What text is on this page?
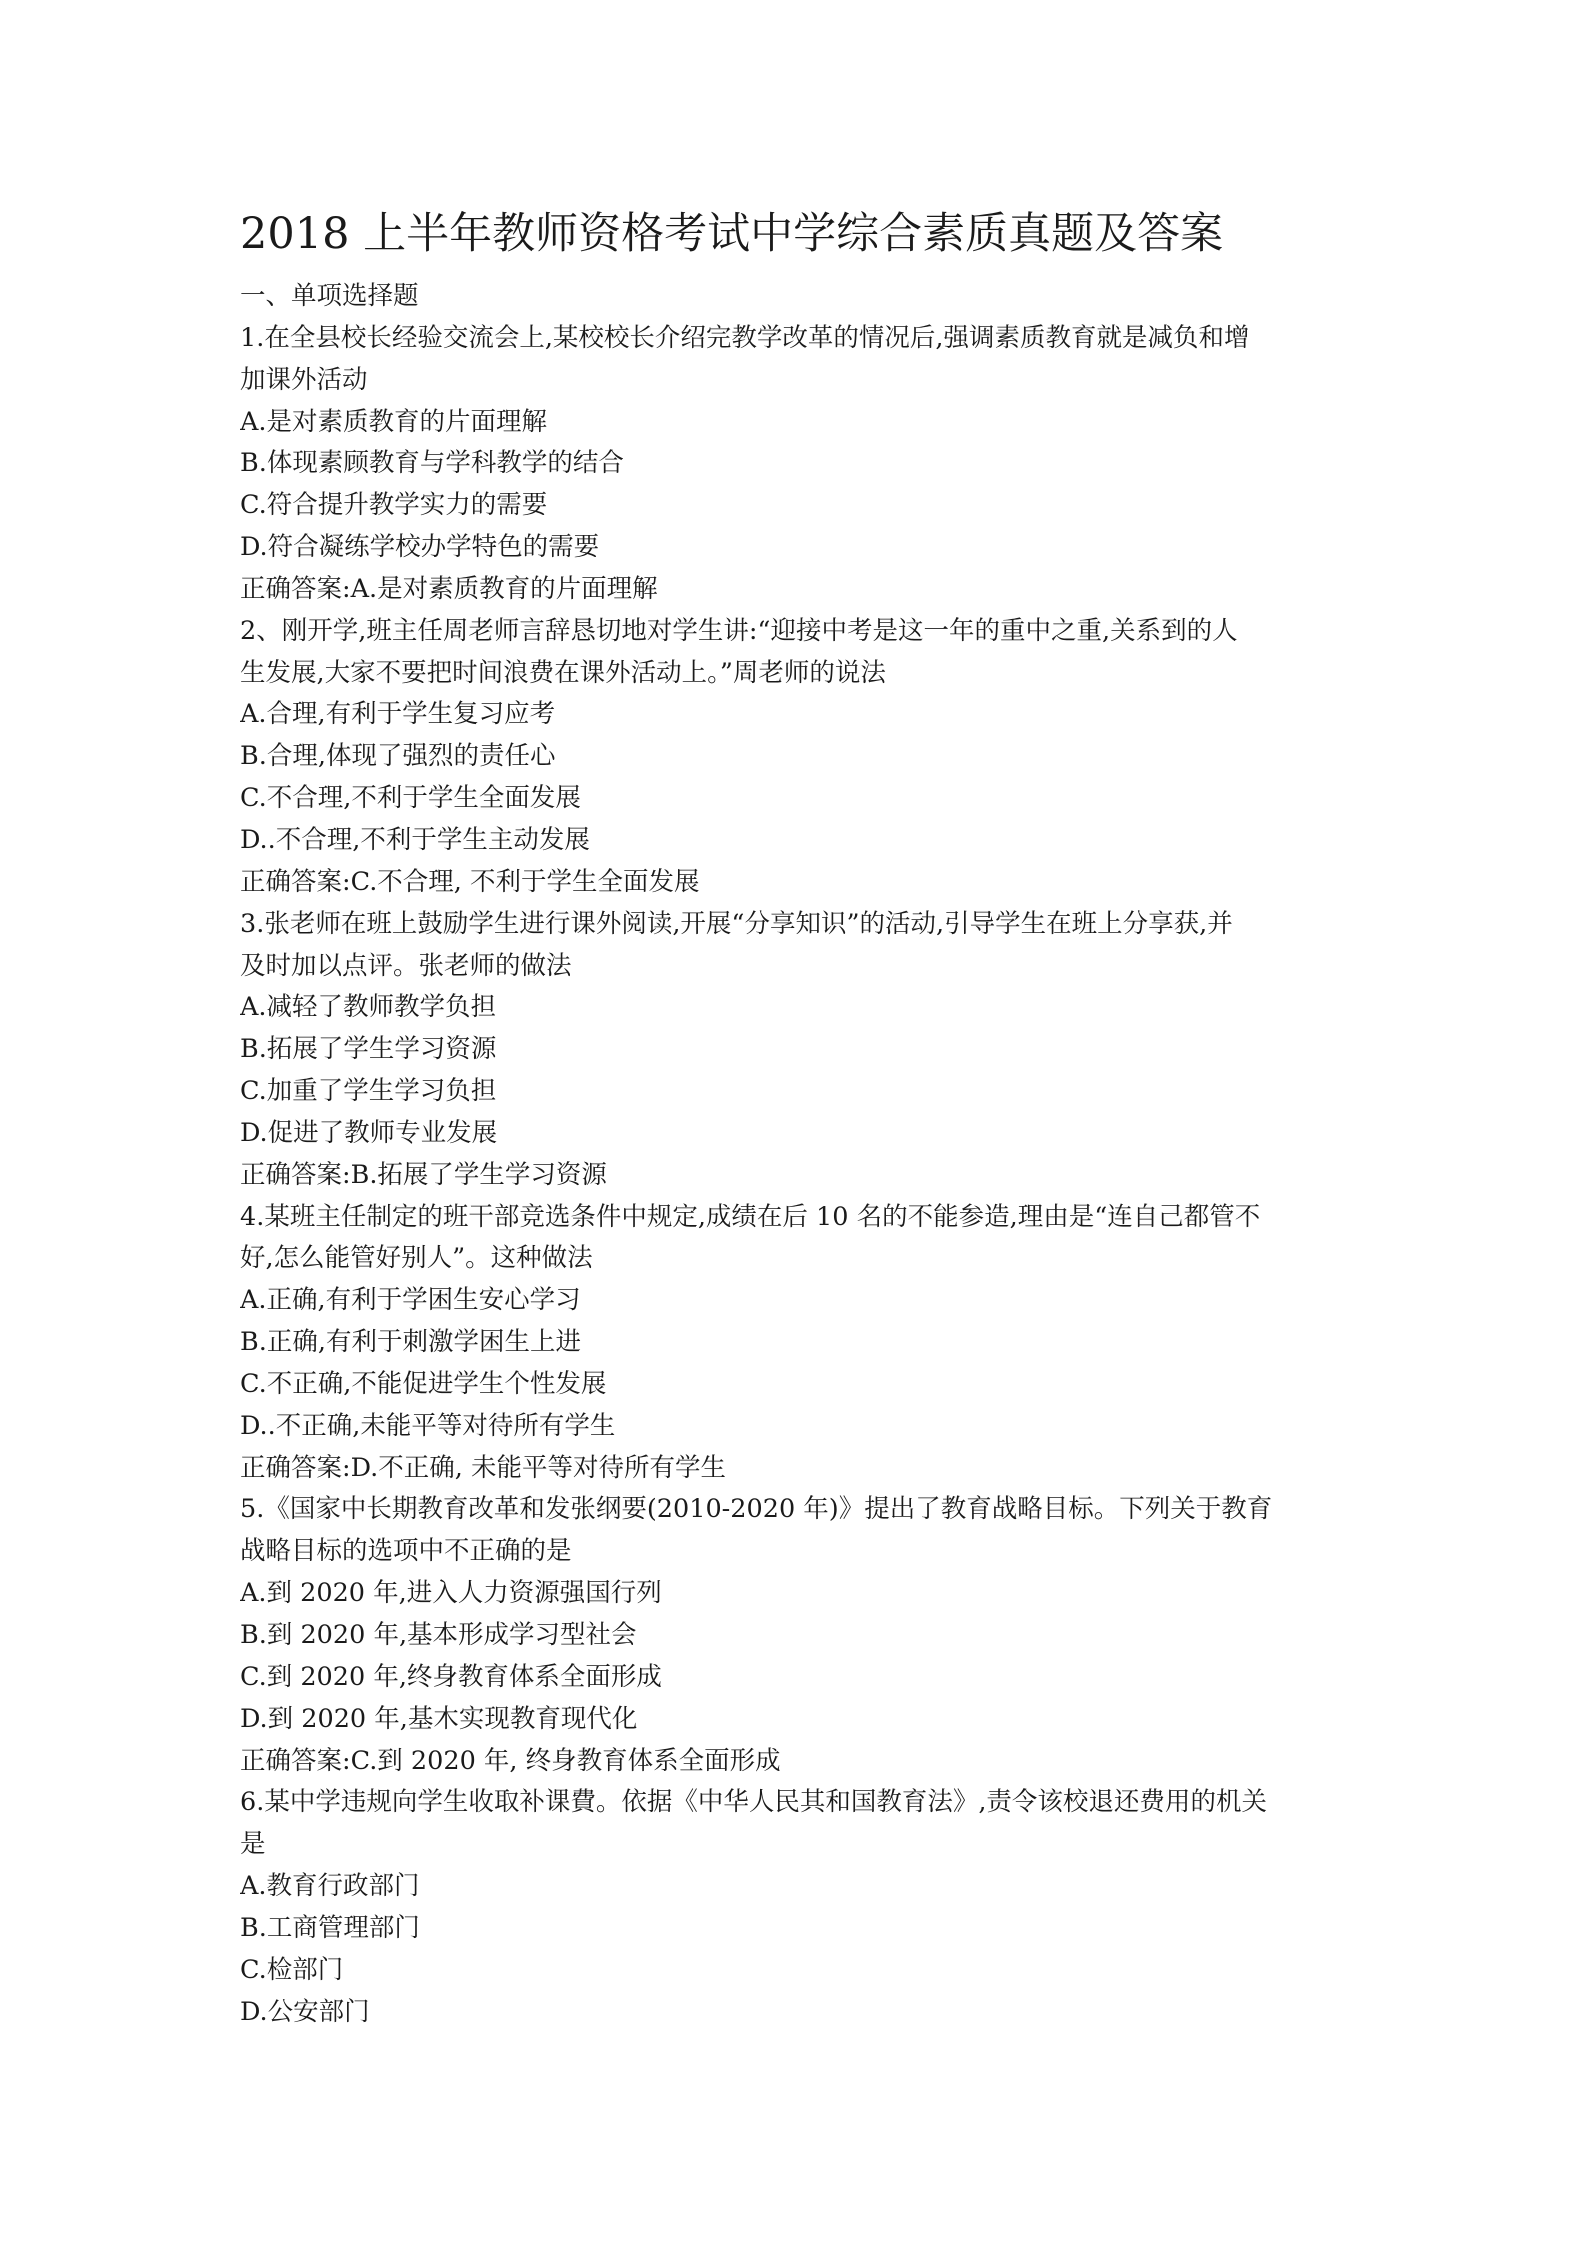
2018 上半年教师资格考试中学综合素质真题及答案
一、单项选择题
1.在全县校长经验交流会上,某校校长介绍完教学改革的情况后,强调素质教育就是减负和增
加课外活动
A.是对素质教育的片面理解
B.体现素顾教育与学科教学的结合
C.符合提升教学实力的需要
D.符合凝练学校办学特色的需要
正确答案:A.是对素质教育的片面理解
2、刚开学,班主任周老师言辞恳切地对学生讲:“迎接中考是这一年的重中之重,关系到的人
生发展,大家不要把时间浪费在课外活动上。”周老师的说法
A.合理,有利于学生复习应考
B.合理,体现了强烈的责任心
C.不合理,不利于学生全面发展
D..不合理,不利于学生主动发展
正确答案:C.不合理, 不利于学生全面发展
3.张老师在班上鼓励学生进行课外阅读,开展“分享知识”的活动,引导学生在班上分享获,并
及时加以点评。张老师的做法
A.减轻了教师教学负担
B.拓展了学生学习资源
C.加重了学生学习负担
D.促进了教师专业发展
正确答案:B.拓展了学生学习资源
4.某班主任制定的班干部竞选条件中规定,成绩在后 10 名的不能参造,理由是“连自己都管不
好,怎么能管好别人”。这种做法
A.正确,有利于学困生安心学习
B.正确,有利于刺激学困生上进
C.不正确,不能促进学生个性发展
D..不正确,未能平等对待所有学生
正确答案:D.不正确, 未能平等对待所有学生
5.《国家中长期教育改革和发张纲要(2010-2020 年)》提出了教育战略目标。下列关于教育
战略目标的选项中不正确的是
A.到 2020 年,进入人力资源强国行列
B.到 2020 年,基本形成学习型社会
C.到 2020 年,终身教育体系全面形成
D.到 2020 年,基木实现教育现代化
正确答案:C.到 2020 年, 终身教育体系全面形成
6.某中学违规向学生收取补课費。依据《中华人民其和国教育法》,责令该校退还费用的机关
是
A.教育行政部门
B.工商管理部门
C.检部门
D.公安部门
